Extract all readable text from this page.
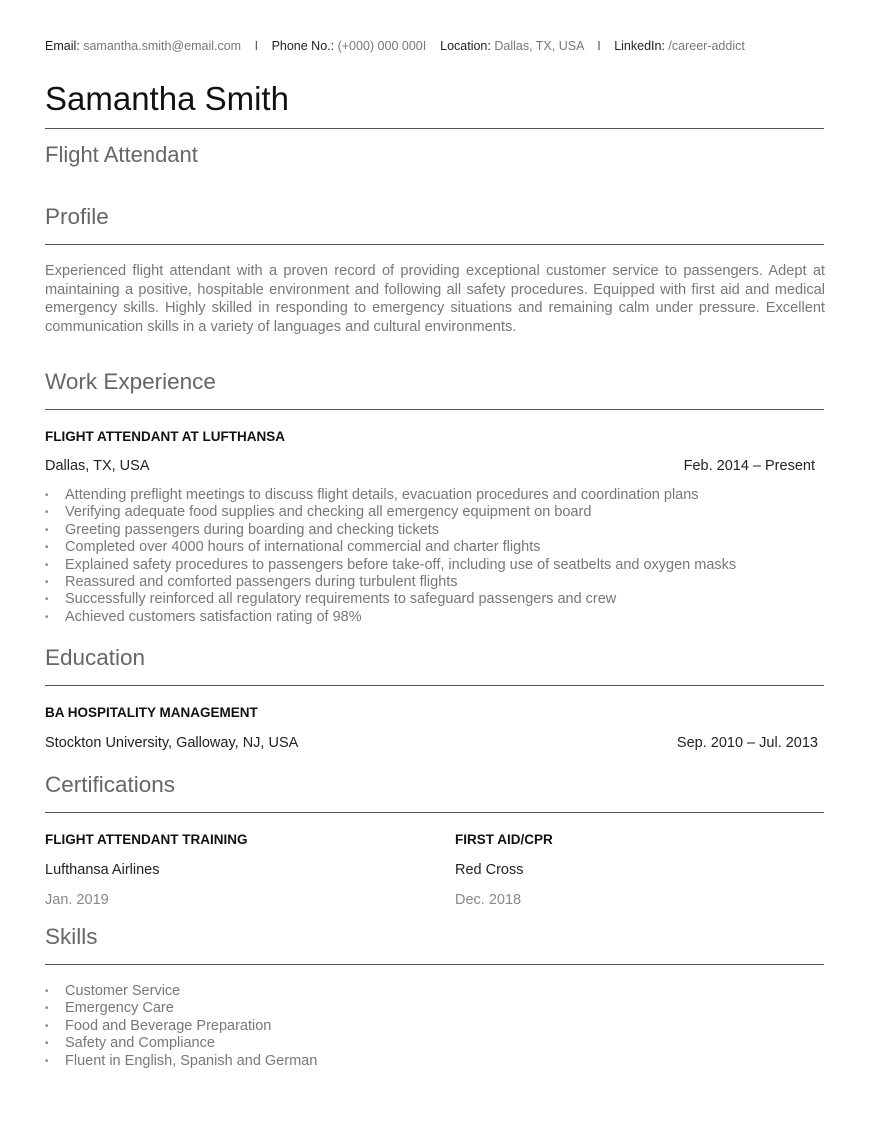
Email: samantha.smith@email.com I Phone No.: (+000) 000 000I Location: Dallas, TX, USA I LinkedIn: /career-addict
Samantha Smith
Flight Attendant
Profile
Experienced flight attendant with a proven record of providing exceptional customer service to passengers. Adept at maintaining a positive, hospitable environment and following all safety procedures. Equipped with first aid and medical emergency skills. Highly skilled in responding to emergency situations and remaining calm under pressure. Excellent communication skills in a variety of languages and cultural environments.
Work Experience
FLIGHT ATTENDANT AT LUFTHANSA
Dallas, TX, USA	Feb. 2014 – Present
• Attending preflight meetings to discuss flight details, evacuation procedures and coordination plans
• Verifying adequate food supplies and checking all emergency equipment on board
• Greeting passengers during boarding and checking tickets
• Completed over 4000 hours of international commercial and charter flights
• Explained safety procedures to passengers before take-off, including use of seatbelts and oxygen masks
• Reassured and comforted passengers during turbulent flights
• Successfully reinforced all regulatory requirements to safeguard passengers and crew
• Achieved customers satisfaction rating of 98%
Education
BA HOSPITALITY MANAGEMENT
Stockton University, Galloway, NJ, USA	Sep. 2010 – Jul. 2013
Certifications
FLIGHT ATTENDANT TRAINING
Lufthansa Airlines
Jan. 2019
FIRST AID/CPR
Red Cross
Dec. 2018
Skills
• Customer Service
• Emergency Care
• Food and Beverage Preparation
• Safety and Compliance
• Fluent in English, Spanish and German
